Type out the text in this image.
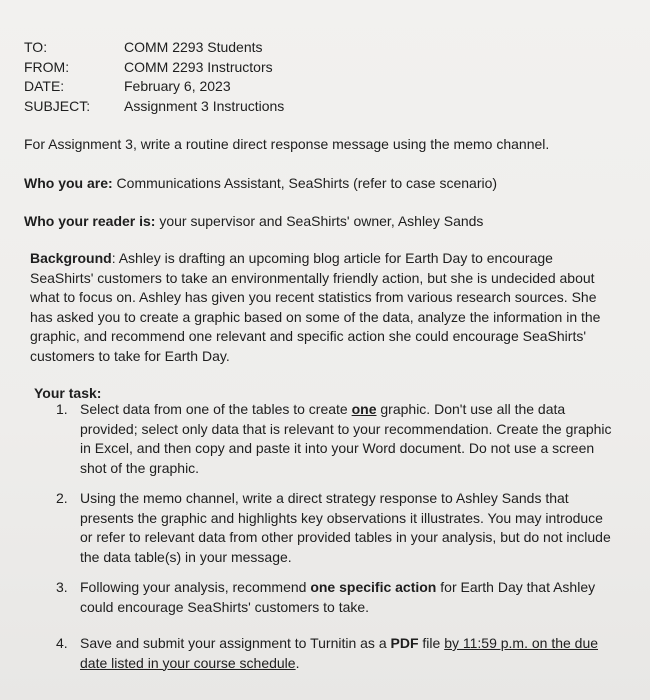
TO:	COMM 2293 Students
FROM:	COMM 2293 Instructors
DATE:	February 6, 2023
SUBJECT:	Assignment 3 Instructions

For Assignment 3, write a routine direct response message using the memo channel.

Who you are: Communications Assistant, SeaShirts (refer to case scenario)

Who your reader is: your supervisor and SeaShirts' owner, Ashley Sands

Background: Ashley is drafting an upcoming blog article for Earth Day to encourage SeaShirts' customers to take an environmentally friendly action, but she is undecided about what to focus on. Ashley has given you recent statistics from various research sources. She has asked you to create a graphic based on some of the data, analyze the information in the graphic, and recommend one relevant and specific action she could encourage SeaShirts' customers to take for Earth Day.

Your task:
1. Select data from one of the tables to create one graphic. Don't use all the data provided; select only data that is relevant to your recommendation. Create the graphic in Excel, and then copy and paste it into your Word document. Do not use a screen shot of the graphic.
2. Using the memo channel, write a direct strategy response to Ashley Sands that presents the graphic and highlights key observations it illustrates. You may introduce or refer to relevant data from other provided tables in your analysis, but do not include the data table(s) in your message.
3. Following your analysis, recommend one specific action for Earth Day that Ashley could encourage SeaShirts' customers to take.
4. Save and submit your assignment to Turnitin as a PDF file by 11:59 p.m. on the due date listed in your course schedule.
